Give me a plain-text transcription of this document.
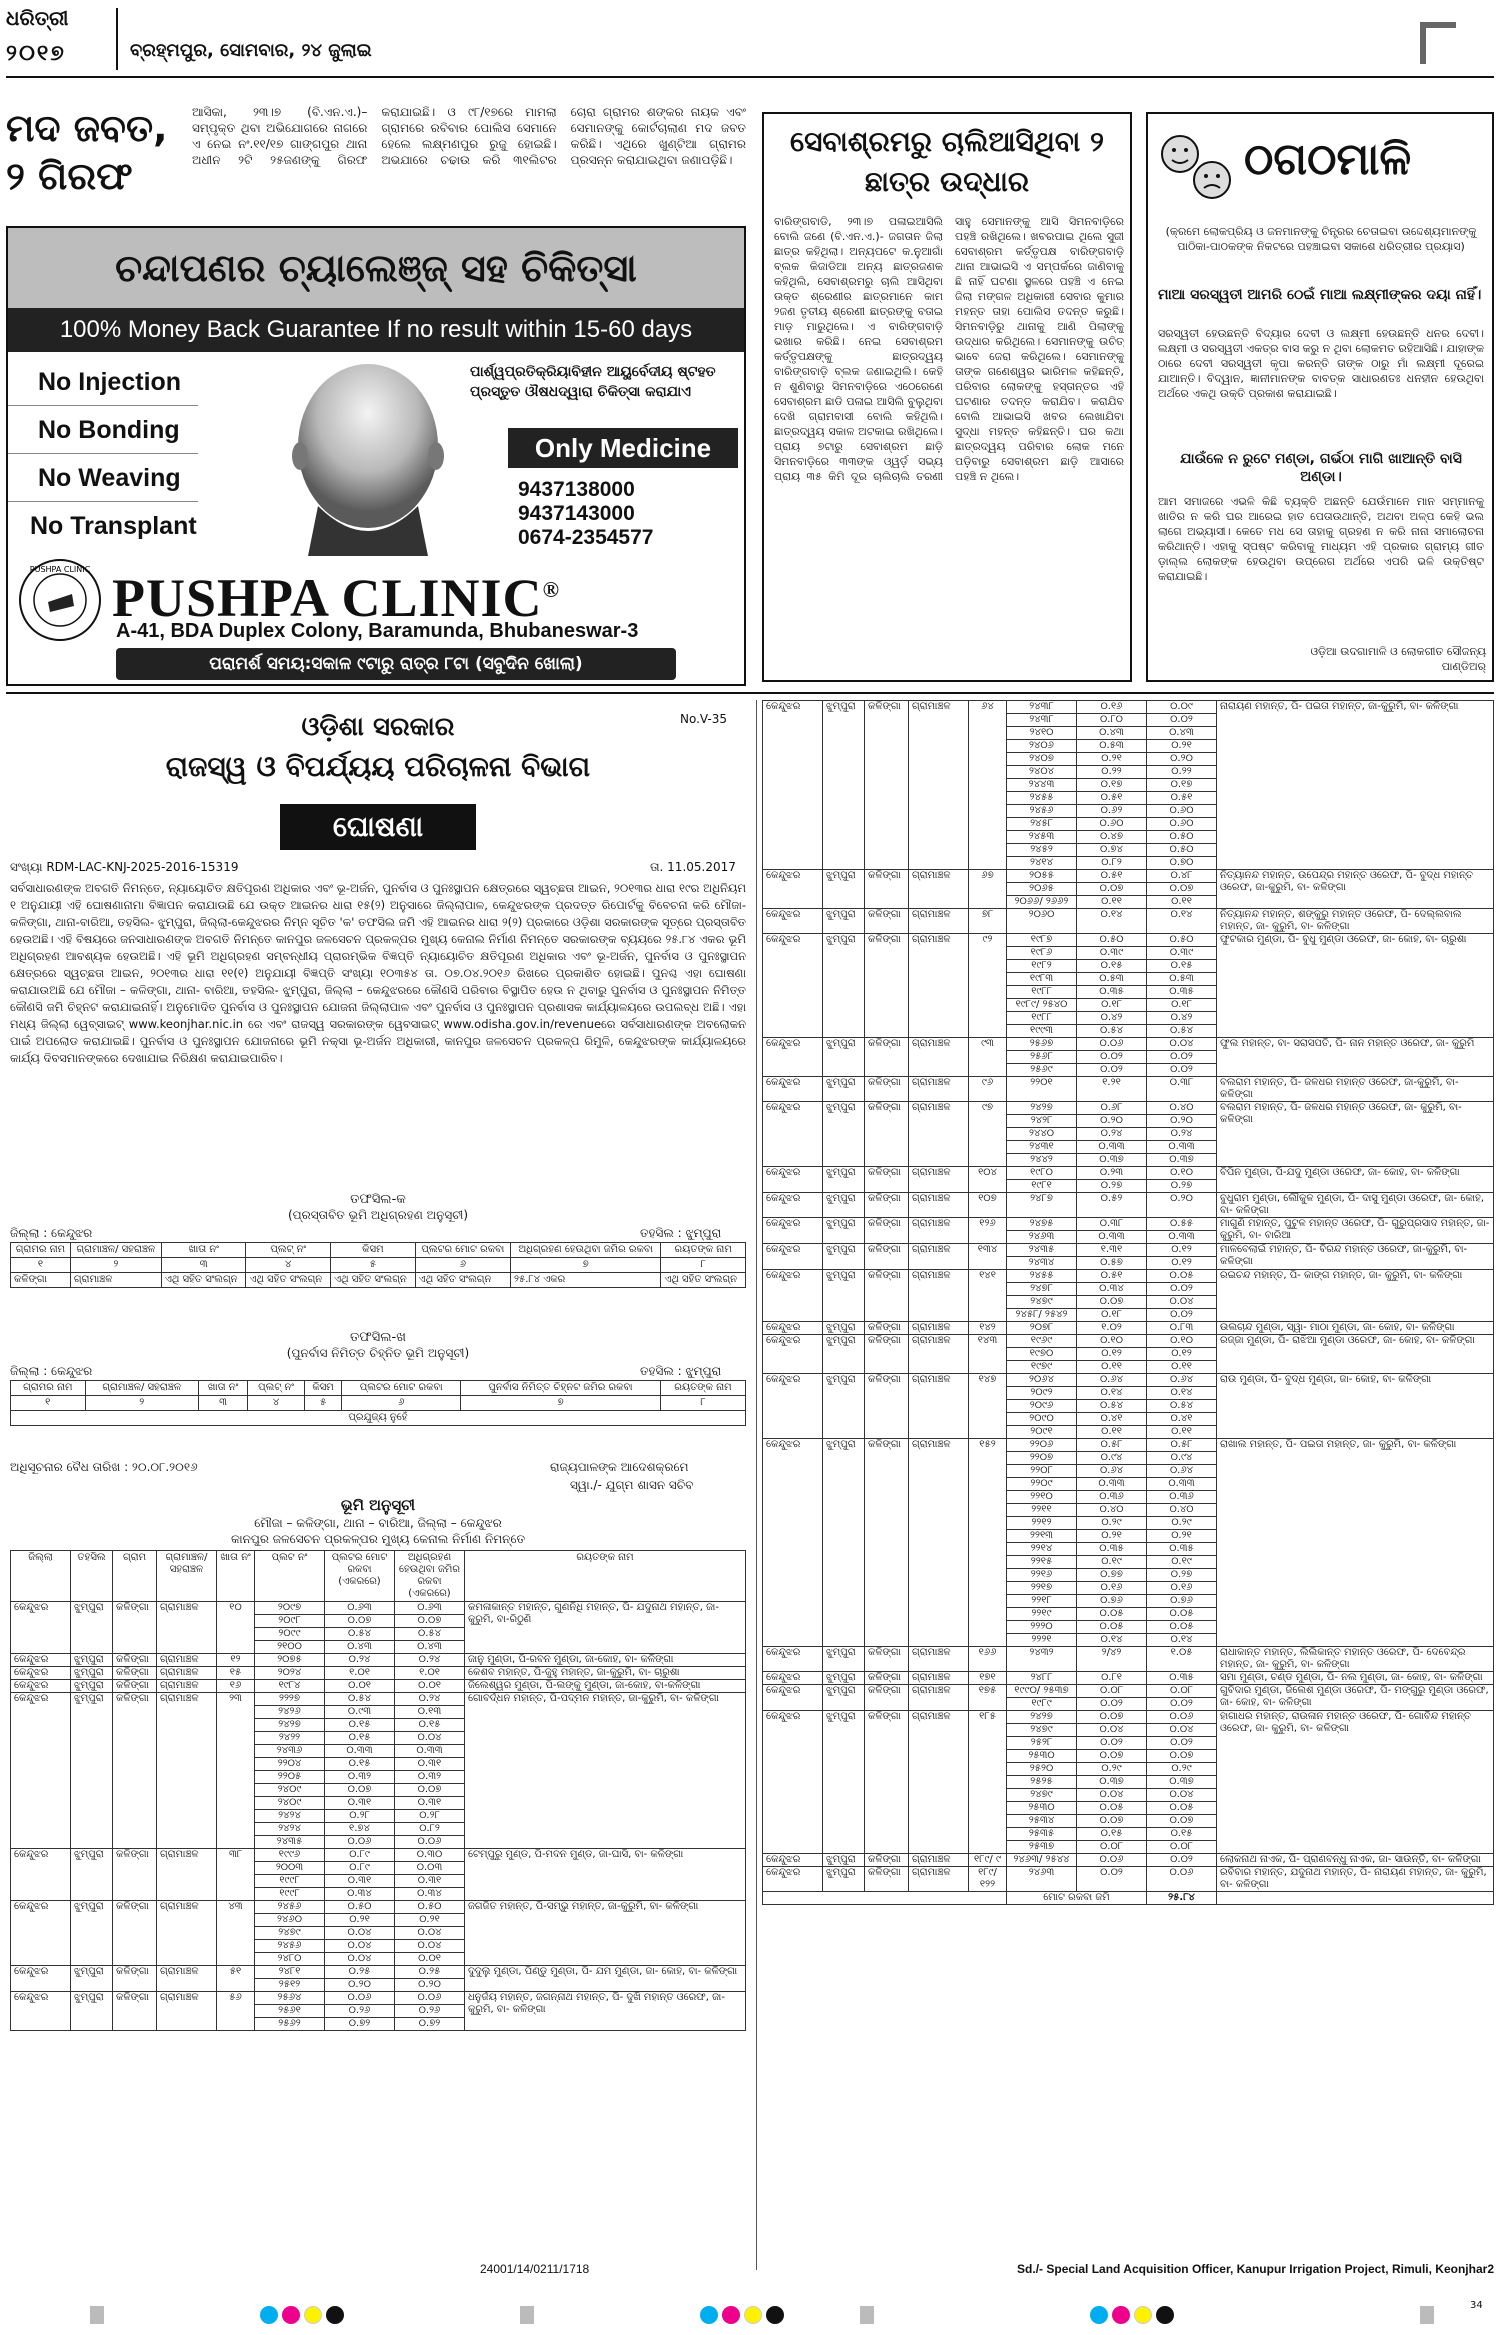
ଧରିତ୍ରୀ
୨୦୧୭	ବ୍ରହ୍ମପୁର, ସୋମବାର, ୨୪ ଜୁଲାଇ
ମଦ ଜବତ, ୨ ଗିରଫ
ଆସିକା, ୨୩।୭ (ବି.ଏନ.ଏ.)– ସମ୍ପୃକ୍ତ ଥିବା ଅଭିଯୋଗରେ ନାଗରେ ଏ ନେଇ ନଂ.୧୧/୧୭ ଗାଙ୍ଗପୁର ଥାନା ଅଧୀନ ୨ଟି ୨୫ଜଣଙ୍କୁ ଗିରଫ କରାଯାଇଛି। ଓ ୯୮/୧୭ରେ ମାମଲା ଗ୍ରାମରେ ରବିବାର ପୋଲିସ ସେମାନେ ହେଲେ ଲକ୍ଷ୍ମଣପୁର ରୁଜୁ ହୋଇଛି। ଅଭଯାରେ ଚଢାଉ କରି ୩୧ଲିଟର ଚୋରା ଗ୍ରାମର ଶଙ୍କର ନାୟକ ଏବଂ ସେମାନଙ୍କୁ କୋର୍ଟଚାଲାଣ ମଦ ଜବତ କରିଛି। ଏଥିରେ ଖୁଣ୍ଟିଆ ଗ୍ରାମର ପ୍ରସନ୍ନ କରାଯାଇଥିବା ଜଣାପଡ଼ିଛି।
ଚନ୍ଦାପଣର ଚ୍ୟାଲେଞ୍ଜ୍ ସହ ଚିକିତ୍ସା
100% Money Back Guarantee If no result within 15-60 days
No Injection
No Bonding
No Weaving
No Transplant
ପାର୍ଶ୍ୱପ୍ରତିକ୍ରିୟାବିହୀନ ଆୟୁର୍ବେଦୀୟ ଷ୍ଟହତ ପ୍ରସ୍ତୁତ ଔଷଧଦ୍ୱାରା ଚିକିତ୍ସା କରାଯାଏ
Only Medicine
9437138000
9437143000
0674-2354577
PUSHPA CLINIC PUSHPA CLINIC®
A-41, BDA Duplex Colony, Baramunda, Bhubaneswar-3
ପରାମର୍ଶ ସମୟ:ସକାଳ ୯ଟାରୁ ରାତ୍ର ୮ଟା (ସବୁଦିନ ଖୋଲା)
ସେବାଶ୍ରମରୁ ଚାଲିଆସିଥିବା ୨ ଛାତ୍ର ଉଦ୍ଧାର
ବାରିଙ୍ଗବାଡି, ୨୩।୭ ପଳାଇଆସିଲି ବୋଲି ଜଣେ (ବି.ଏନ.ଏ.)- ଜଗତାନ ଜିଲା ଛାତ୍ର କହିଥିଲା। ଅନ୍ୟପଟେ କ.ନୁଆଗାଁ ବ୍ଲକ କିଜାଡିଆ ଅନ୍ୟ ଛାତ୍ରଜଣକ କହିଥିଲି, ସେବାଶ୍ରମରୁ ଚାଲି ଆସିଥିବା ଉକ୍ତ ଶ୍ରେଣୀର ଛାତ୍ରମାନେ କାମ ୨ଜଣ ତୃତୀୟ ଶ୍ରେଣୀ ଛାତ୍ରଙ୍କୁ ବତାଇ ମାଡ଼ ମାରୁଥିଲେ। ଏ ବାରିଙ୍ଗବାଡ଼ି ଭଖାର କରିଛି। ନେଇ ସେବାଶ୍ରମ କର୍ତ୍ତୃପକ୍ଷଙ୍କୁ ଛାତ୍ରଦ୍ୱୟ ବାରିଙ୍ଗବାଡ଼ି ବ୍ଲକ ଜଣାଇଥିଲି। କେହି ନ ଶୁଣିବାରୁ ସିମନବାଡ଼ିରେ ଏଠେରେଣେ ସେବାଶ୍ରମ ଛାଡି ପଳାଇ ଆସିଲି ବୁଲୁଥିବା ଦେଖି ଗ୍ରାମବାସୀ ବୋଲି କହିଥିଲି। ଛାତ୍ରଦ୍ୱୟ ସକାଳ ଅଟକାଇ ରଖିଥିଲେ। ପ୍ରାୟ ୭ଟାରୁ ସେବାଶ୍ରମ ଛାଡ଼ି ସିମନବାଡ଼ିରେ ୩୩ଙ୍କ ଓ୍ୱର୍ଡ଼ ସଭ୍ୟ ପ୍ରାୟ ୩୫ କିମି ଦୂର ଚାଲିଚାଲି ତରଣୀ ସାହୁ ସେମାନଙ୍କୁ ଆସି ସିମନବାଡ଼ିରେ ପହଞ୍ଚି ରଖିଥିଲେ। ଖବରପାଇ ଥିଲେ ସୁଜୀ ସେବାଶ୍ରମ କର୍ତ୍ତୃପକ୍ଷ ବାରିଙ୍ଗବାଡ଼ି ଥାନା ଆଭାଇସି ଏ ସମ୍ପର୍କରେ ଜାଣିବାକୁ ଛି ନାହିଁ ଘଟଣା ସ୍ଥଳରେ ପହଞ୍ଚି ଏ ନେଇ ଜିଲା ମଙ୍ଗଳ ଅଧିକାରୀ ସେବାର କୁମାର ମହନ୍ତ ତାହା ପୋଲିସ ତଦନ୍ତ କରୁଛି। ସିମନବାଡ଼ିରୁ ଥାନାକୁ ଆଣି ପିଲାଙ୍କୁ ଉଦ୍ଧାର କରିଥିଲେ। ସେମାନଙ୍କୁ ଉଚିତ୍ ଭାବେ ଜେରା କରିଥିଲେ। ସେମାନଙ୍କୁ ତାଙ୍କ ଗଣେଶ୍ୱର ଭାରିମଳ କହିଛନ୍ତି, ପରିବାର ଲୋକଙ୍କୁ ହସ୍ତାନ୍ତର ଏହି ଘଟଣାର ତଦନ୍ତ କରାଯିବ। କରାଯିବ ବୋଲି ଆଭାଇସି ଖବର ଲେଖାଯିବା ସୁଦ୍ଧା ମହନ୍ତ କହିଛନ୍ତି। ଘର କଥା ଛାତ୍ରଦ୍ୱୟ ପରିବାର ଲୋକ ମନେ ପଡ଼ିବାରୁ ସେବାଶ୍ରମ ଛାଡ଼ି ଆସାରେ ପହଞ୍ଚି ନ ଥିଲେ।
ଠଗଠମାଳି
(କ୍ରମେ ଲୋକପ୍ରିୟ ଓ ଜନମାନଙ୍କୁ ଚିନ୍ତ୍ରର ଚେତାଇବା ଉଦ୍ଦେଶ୍ୟମାନଙ୍କୁ ପାଠିକା-ପାଠକଙ୍କ ନିକଟରେ ପହଞ୍ଚାଇବା ସକାଶେ ଧରିତ୍ରୀର ପ୍ରୟାସ)
ମାଆ ସରସ୍ୱତୀ ଆମରି ଠେଇଁ ମାଆ ଲକ୍ଷ୍ମୀଙ୍କର ଦୟା ନାହିଁ।
ସରସ୍ୱତୀ ହେଉଛନ୍ତି ବିଦ୍ୟାର ଦେବୀ ଓ ଲକ୍ଷ୍ମୀ ହେଉଛନ୍ତି ଧନର ଦେବୀ। ଲକ୍ଷ୍ମୀ ଓ ସରସ୍ୱତୀ ଏକତ୍ର ବାସ କରୁ ନ ଥିବା ଲୋକମତ ରହିଆସିଛି। ଯାହାଙ୍କ ଠାରେ ଦେବୀ ସରସ୍ୱତୀ କୃପା କରନ୍ତି ତାଙ୍କ ଠାରୁ ମାଁ ଲକ୍ଷ୍ମୀ ଦୂରେଇ ଯାଆନ୍ତି। ବିଦ୍ୱାନ, ଜ୍ଞାନୀମାନଙ୍କ ବାବତ୍କ ସାଧାରଣତଃ ଧନହୀନ ହେଉଥିବା ଅର୍ଥରେ ଏକଥି ଉକ୍ତି ପ୍ରକାଶ କରାଯାଇଛି।
ଯାଉଁଳେ ନ ରୁଟେ ମଣ୍ଡା, ଗର୍ଭଠା ମାଗି ଖାଆନ୍ତି ବାସି ଅଣ୍ଡା।
ଆମ ସମାଜରେ ଏଭଳି କିଛି ବ୍ୟକ୍ତି ଅଛନ୍ତି ଯେଉଁମାନେ ମାନ ସମ୍ମାନକୁ ଖାତିର ନ କରି ଘର ଆରେଇ ହାତ ପେତାଉଥାନ୍ତି, ଅଥବା ଅଳ୍ପ କେହି ଭଲ ଲାଗେ ଅଭ୍ୟାସୀ। କେତେ ମଧ ସେ ତାହାକୁ ଗ୍ରହଣ ନ କରି ନାନା ସମାଲୋଚନା କରିଥାନ୍ତି। ଏହାକୁ ସ୍ପଷ୍ଟ କରିବାକୁ ମାଧ୍ୟମ ଏହି ପ୍ରକାର ଗ୍ରାମ୍ୟ ଗୀତ ଡ଼ାଲ୍ଲ ଲୋକଙ୍କ ହେଉଥିବା ଉପ୍ରେଗ ଅର୍ଥରେ ଏପରି ଭଳି ଉକ୍ତିଷ୍ଟ କରାଯାଇଛି।
ଓଡ଼ିଆ ଉଦଗାମାଳି ଓ ଲୋକଗୀତ ସୌଜନ୍ୟ ପାଣ୍ଡିଅର୍
No.V-35
ଓଡ଼ିଶା ସରକାର
ରାଜସ୍ୱ ଓ ବିପର୍ଯ୍ୟୟ ପରିଚାଳନା ବିଭାଗ
ଘୋଷଣା
ସଂଖ୍ୟା RDM-LAC-KNJ-2025-2016-15319	ତା. 11.05.2017
ସର୍ବସାଧାରଣଙ୍କ ଅବଗତି ନିମନ୍ତେ, ନ୍ୟାୟୋଚିତ କ୍ଷତିପୂରଣ ଅଧିକାର ଏବଂ ଭୂ-ଅର୍ଜନ, ପୁନର୍ବାସ ଓ ପୁନଃସ୍ଥାପନ କ୍ଷେତ୍ରରେ ସ୍ୱଚ୍ଛତା ଆଇନ, ୨୦୧୩ର ଧାରା ୧୯ର ଅଧିନିୟମ ୧ ଅନୁଯାୟୀ ଏହି ଘୋଷଣାନାମା ବିଜ୍ଞାପନ କରାଯାଉଛି ଯେ ଉକ୍ତ ଆଇନର ଧାରା ୧୫(୨) ଅନୁସାରେ ଜିଲ୍ଲାପାଳ, କେନ୍ଦୁଝରଙ୍କ ପ୍ରଦତ୍ତ ରିପୋର୍ଟକୁ ବିବେଚନା କରି ମୌଜା-କଳିଙ୍ଗା, ଥାନା-ବାରିଆ, ତହସିଲ- ଝୁମ୍ପୁରା, ଜିଲ୍ଲା-କେନ୍ଦୁଝରର ନିମ୍ନ ସୂଚିତ 'କ' ତଫସିଲ ଜମି ଏହି ଆଇନର ଧାରା ୨(୨) ପ୍ରକାରେ ଓଡ଼ିଶା ସରକାରଙ୍କ ସୂତ୍ରେ ପ୍ରସ୍ତାବିତ ହେଉଅଛି। ଏହି ବିଷୟରେ ଜନସାଧାରଣଙ୍କ ଅବଗତି ନିମନ୍ତେ କାନପୁର ଜଳସେଚନ ପ୍ରକଳ୍ପର ମୁଖ୍ୟ କେନାଲ ନିର୍ମାଣ ନିମନ୍ତେ ସରକାରଙ୍କ ବ୍ୟୟରେ ୨୫.୮୪ ଏକର ଭୂମି ଅଧିଗ୍ରହଣ ଆବଶ୍ୟକ ହେଉଅଛି। ଏହି ଭୂମି ଅଧିଗ୍ରହଣ ସମ୍ବନ୍ଧୀୟ ପ୍ରାରମ୍ଭିକ ବିଜ୍ଞପ୍ତି ନ୍ୟାୟୋଚିତ କ୍ଷତିପୂରଣ ଅଧିକାର ଏବଂ ଭୂ-ଅର୍ଜନ, ପୁନର୍ବାସ ଓ ପୁନଃସ୍ଥାପନ କ୍ଷେତ୍ରରେ ସ୍ୱଚ୍ଛତା ଆଇନ, ୨୦୧୩ର ଧାରା ୧୧(୧) ଅନୁଯାୟୀ ବିଜ୍ଞପ୍ତି ସଂଖ୍ୟା ୧୦୩୫୪ ତା. ୦୭.୦୪.୨୦୧୬ ରିଖରେ ପ୍ରକାଶିତ ହୋଇଛି। ପୁନଶ୍ଚ ଏହା ଘୋଷଣା କରାଯାଉଅଛି ଯେ ମୌଜା – କଳିଙ୍ଗା, ଥାନା- ବାରିଆ, ତହସିଲ- ଝୁମ୍ପୁରା, ଜିଲ୍ଲା – କେନ୍ଦୁଝରରେ କୌଣସି ପରିବାର ବିସ୍ଥାପିତ ହେଉ ନ ଥିବାରୁ ପୁନର୍ବାସ ଓ ପୁନଃସ୍ଥାପନ ନିମିତ୍ତ କୌଣସି ଜମି ଚିହ୍ନଟ କରାଯାଇନାହିଁ। ଅନୁମୋଦିତ ପୁନର୍ବାସ ଓ ପୁନଃସ୍ଥାପନ ଯୋଜନା ଜିଲ୍ଲାପାଳ ଏବଂ ପୁନର୍ବାସ ଓ ପୁନଃସ୍ଥାପନ ପ୍ରଶାସକ କାର୍ଯ୍ୟାଳୟରେ ଉପଲବ୍ଧ ଅଛି। ଏହା ମଧ୍ୟ ଜିଲ୍ଲା ୱେବ୍‌ସାଇଟ୍ www.keonjhar.nic.in ରେ ଏବଂ ରାଜସ୍ୱ ସରକାରଙ୍କ ୱେବସାଇଟ୍ www.odisha.gov.in/revenueରେ ସର୍ବସାଧାରଣଙ୍କ ଅବଲୋକନ ପାଇଁ ଅପଲୋଡ କରାଯାଇଛି। ପୁନର୍ବାସ ଓ ପୁନଃସ୍ଥାପନ ଯୋଜନାରେ ଭୂମି ନକ୍ସା ଭୂ-ଅର୍ଜନ ଅଧିକାରୀ, କାନପୁର ଜଳସେଚନ ପ୍ରକଳ୍ପ ରିମୁଳି, କେନ୍ଦୁଝରଙ୍କ କାର୍ଯ୍ୟାଳୟରେ କାର୍ଯ୍ୟ ଦିବସମାନଙ୍କରେ ଦେଖାଯାଇ ନିରିକ୍ଷଣ କରାଯାଇପାରିବ।
ତଫସିଲ-କ
(ପ୍ରସ୍ତାବିତ ଭୂମି ଅଧିଗ୍ରହଣ ଅନୁସୂଚୀ)
ଜିଲ୍ଲା : କେନ୍ଦୁଝର	ତହସିଲ : ଝୁମ୍ପୁରା
ଗ୍ରାମର ନାମ	ଗ୍ରାମାଞ୍ଚଳ/ ସହରାଞ୍ଚଳ	ଖାତା ନଂ	ପ୍ଲଟ୍ ନଂ	କିସମ	ପ୍ଲଟର ମୋଟ ରକବା	ଅଧିଗ୍ରହଣ ହେଉଥିବା ଜମିର ରକବା	ରୟତଙ୍କ ନାମ
୧	୨	୩	୪	୫	୬	୭	୮
କଳିଙ୍ଗା	ଗ୍ରାମାଞ୍ଚଳ	ଏଥି ସହିତ ସଂଲଗ୍ନ	ଏଥି ସହିତ ସଂଲଗ୍ନ	ଏଥି ସହିତ ସଂଲଗ୍ନ	ଏଥି ସହିତ ସଂଲଗ୍ନ	୨୫.୮୪ ଏକର	ଏଥି ସହିତ ସଂଲଗ୍ନ
ତଫସିଲ-ଖ
(ପୁନର୍ବାସ ନିମିତ୍ତ ଚିହ୍ନିତ ଭୂମି ଅନୁସୂଚୀ)
ଜିଲ୍ଲା : କେନ୍ଦୁଝର	ତହସିଲ : ଝୁମ୍ପୁରା
ଗ୍ରାମର ନାମ	ଗ୍ରାମାଞ୍ଚଳ/ ସହରାଞ୍ଚଳ	ଖାତା ନଂ	ପ୍ଲଟ୍ ନଂ	କିସମ	ପ୍ଲଟର ମୋଟ ରକବା	ପୁନର୍ବାସ ନିମିତ୍ତ ଚିହ୍ନଟ ଜମିର ରକବା	ରୟତଙ୍କ ନାମ
୧	୨	୩	୪	୫	୬	୭	୮
ପ୍ରଯୁଜ୍ୟ ନୁହେଁ							
ଅଧିସୂଚନାର ବୈଧ ତାରିଖ : ୨୦.୦୮.୨୦୧୬	ରାଜ୍ୟପାଳଙ୍କ ଆଦେଶକ୍ରମେ
ସ୍ୱା./- ଯୁଗ୍ମ ଶାସନ ସଚିବ
ଭୂମି ଅନୁସୂଚୀ
ମୌଜା – କଳିଙ୍ଗା, ଥାନା – ବାରିଆ, ଜିଲ୍ଲା – କେନ୍ଦୁଝର
କାନପୁର ଜଳସେଚନ ପ୍ରକଳ୍ପର ମୁଖ୍ୟ କେନାଲ ନିର୍ମାଣ ନିମନ୍ତେ
ଜିଲ୍ଲା	ତହସିଲ	ଗ୍ରାମ	ଗ୍ରାମାଞ୍ଚଳ/ ସହରାଞ୍ଚଳ	ଖାତା ନଂ	ପ୍ଲଟ ନଂ	ପ୍ଲଟର ମୋଟ ରକବା (ଏକରରେ)	ଅଧିଗ୍ରହଣ ହେଉଥିବା ଜମିର ରକବା (ଏକରରେ)	ରୟତଙ୍କ ନାମ
କେନ୍ଦୁଝର	ଝୁମ୍ପୁରା	କଳିଙ୍ଗା	ଗ୍ରାମାଞ୍ଚଳ	୧୦	୨୦୯୭	୦.୬୩	୦.୬୩	କମଳାକାନ୍ତ ମହାନ୍ତ, ଗୁଣନିଧି ମହାନ୍ତ, ପି- ଯଦୁନାଥ ମହାନ୍ତ, ଜା-କୁରୁମି, ବା-ରିଠୁଣି
					୨୦୯୮	୦.୦୭	୦.୦୭	
					୨୦୯୯	୦.୫୪	୦.୫୪	
					୨୧୦୦	୦.୪୩	୦.୪୩	
କେନ୍ଦୁଝର	ଝୁମ୍ପୁରା	କଳିଙ୍ଗା	ଗ୍ରାମାଞ୍ଚଳ	୧୨	୨୦୭୫	୦.୨୪	୦.୨୪	ଜାନୁ ମୁଣ୍ଡା, ପି-ରବନ ମୁଣ୍ଡା, ଜା-କୋହ, ବା- କଳିଙ୍ଗା
କେନ୍ଦୁଝର	ଝୁମ୍ପୁରା	କଳିଙ୍ଗା	ଗ୍ରାମାଞ୍ଚଳ	୧୫	୨୦୨୪	୧.୦୧	୧.୦୧	କେଶବ ମହାନ୍ତ, ପି-ଜୁହୁ ମହାନ୍ତ, ଜା-କୁରୁମି, ବା- ଚାରୁଶା
କେନ୍ଦୁଝର	ଝୁମ୍ପୁରା	କଳିଙ୍ଗା	ଗ୍ରାମାଞ୍ଚଳ	୧୬	୧୯୮୪	୦.୦୧	୦.୦୧	ଜିଲେଶ୍ୱର ମୁଣ୍ଡା, ପି-ଲଙ୍କୁ ମୁଣ୍ଡା, ଜା-କୋହ, ବା-କଳିଙ୍ଗା
କେନ୍ଦୁଝର	ଝୁମ୍ପୁରା	କଳିଙ୍ଗା	ଗ୍ରାମାଞ୍ଚଳ	୨୩	୨୨୨୭	୦.୫୪	୦.୨୪	ଗୋବର୍ଦ୍ଧନ ମହାନ୍ତ, ପି-ପଦ୍ମନ ମହାନ୍ତ, ଜା-କୁରୁମି, ବା- କଳିଙ୍ଗା
					୨୪୨୬	୦.୯୩	୦.୧୩	
					୨୪୨୭	୦.୧୫	୦.୧୫	
					୨୪୨୨	୦.୧୫	୦.୦୪	
					୨୪୩୬	୦.୩୩	୦.୩୩	
					୨୨୦୪	୦.୧୫	୦.୩୧	
					୨୨୦୫	୦.୩୨	୦.୩୨	
					୨୪୦୯	୦.୦୭	୦.୦୭	
					୨୪୦୯	୦.୩୧	୦.୩୧	
					୨୪୨୪	୦.୨୮	୦.୨୮	
					୨୪୨୪	୧.୭୪	୦.୮୨	
					୨୪୩୫	୦.୦୬	୦.୦୬	
କେନ୍ଦୁଝର	ଝୁମ୍ପୁରା	କଳିଙ୍ଗା	ଗ୍ରାମାଞ୍ଚଳ	୩୮	୧୯୯୬	୦.୮୯	୦.୩୦	ଟେମ୍ପୁରୁ ମୁଣ୍ଡ, ପି-ମଦନ ମୁଣ୍ଡ, ଜା-ଘାସି, ବା- କଳିଙ୍ଗା
					୨୦୦୩	୦.୮୯	୦.୦୩	
					୧୯୯୮	୦.୩୧	୦.୩୧	
					୧୯୯୮	୦.୩୪	୦.୩୪	
କେନ୍ଦୁଝର	ଝୁମ୍ପୁରା	କଳିଙ୍ଗା	ଗ୍ରାମାଞ୍ଚଳ	୪୩	୨୪୫୬	୦.୫୦	୦.୫୦	ଜଗଜିତ ମହାନ୍ତ, ପି-ସମ୍ଭୁ ମହାନ୍ତ, ଜା-କୁରୁମି, ବା- କଳିଙ୍ଗା
					୨୪୬୦	୦.୨୧	୦.୨୧	
					୨୪୭୯	୦.୦୪	୦.୦୪	
					୨୪୫୬	୦.୦୪	୦.୦୪	
					୨୪୮୦	୦.୦୪	୦.୦୧	
କେନ୍ଦୁଝର	ଝୁମ୍ପୁରା	କଳିଙ୍ଗା	ଗ୍ରାମାଞ୍ଚଳ	୫୧	୨୪୮୧	୦.୨୫	୦.୨୫	ଦୁଦୁଲୁ ମୁଣ୍ଡା, ପିଣ୍ଡୁ ମୁଣ୍ଡା, ପି- ଯମ ମୁଣ୍ଡା, ଜା- କୋହ, ବା- କଳିଙ୍ଗା
					୨୫୧୨	୦.୨୦	୦.୨୦	
କେନ୍ଦୁଝର	ଝୁମ୍ପୁରା	କଳିଙ୍ଗା	ଗ୍ରାମାଞ୍ଚଳ	୫୬	୨୫୬୪	୦.୦୬	୦.୦୬	ଧନୁର୍ଜୟ ମହାନ୍ତ, ଜଗନ୍ନାଥ ମହାନ୍ତ, ପି- ଦୁଖି ମହାନ୍ତ ଓରେଫ, ଜା- କୁରୁମି, ବା- କଳିଙ୍ଗା
					୨୫୬୧	୦.୨୬	୦.୨୬	
					୨୫୬୨	୦.୭୨	୦.୭୨	
24001/14/0211/1718
କେନ୍ଦୁଝର	ଝୁମ୍ପୁରା	କଳିଙ୍ଗା	ଗ୍ରାମାଞ୍ଚଳ	୬୪	୨୪୩୮	୦.୧୬	୦.୦୯	ନାରାୟଣ ମହାନ୍ତ, ପି- ପଇତା ମହାନ୍ତ, ଜା-କୁରୁମି, ବା- କଳିଙ୍ଗା
					୨୪୩୮	୦.୮୦	୦.୦୨	
					୨୪୧୦	୦.୪୩	୦.୪୩	
					୨୪୦୬	୦.୫୩	୦.୨୧	
					୨୪୦୭	୦.୨୧	୦.୨୦	
					୨୪୦୪	୦.୨୨	୦.୨୨	
					୨୪୪୩	୦.୧୭	୦.୧୭	
					୨୪୫୫	୦.୫୧	୦.୫୧	
					୨୪୫୬	୦.୬୨	୦.୬୦	
					୨୪୫୮	୦.୬୦	୦.୬୦	
					୨୪୫୩	୦.୪୭	୦.୫୦	
					୨୪୫୨	୦.୭୪	୦.୫୦	
					୨୪୧୪	୦.୮୨	୦.୭୦	
କେନ୍ଦୁଝର	ଝୁମ୍ପୁରା	କଳିଙ୍ଗା	ଗ୍ରାମାଞ୍ଚଳ	୬୭	୨୦୫୫	୦.୫୧	୦.୪୮	ନିତ୍ୟାନନ୍ଦ ମହାନ୍ତ, ଉପେନ୍ଦ୍ର ମହାନ୍ତ ଓରେଫ, ପି- ବୁଦ୍ଧ ମହାନ୍ତ ଓରେଫ, ଜା-କୁରୁମି, ବା- କଳିଙ୍ଗା
					୨୦୬୫	୦.୦୭	୦.୦୭	
					୨୦୬୬/ ୨୬୬୨	୦.୧୧	୦.୧୧	
କେନ୍ଦୁଝର	ଝୁମ୍ପୁରା	କଳିଙ୍ଗା	ଗ୍ରାମାଞ୍ଚଳ	୭୮	୨୦୬୦	୦.୧୪	୦.୧୪	ନିତ୍ୟାନନ୍ଦ ମହାନ୍ତ, ଶଙ୍କୁରୁ ମହାନ୍ତ ଓରେଫ, ପି- ଦେଲ୍ଲବାଲ ମହାନ୍ତ, ଜା- କୁରୁମି, ବା- କଳିଙ୍ଗା
କେନ୍ଦୁଝର	ଝୁମ୍ପୁରା	କଳିଙ୍ଗା	ଗ୍ରାମାଞ୍ଚଳ	୯୨	୧୯୮୭	୦.୫୦	୦.୫୦	ଫୁଟକାର ମୁଣ୍ଡା, ପି- ବୁଧୁ ମୁଣ୍ଡା ଓରେଫ, ଜା- କୋହ, ବା- ଚାରୁଶା
					୧୯୮୬	୦.୩୯	୦.୩୯	
					୧୯୮୨	୦.୧୫	୦.୧୫	
					୧୯୮୩	୦.୫୩	୦.୫୩	
					୧୯୮୮	୦.୩୫	୦.୩୫	
					୧୯୮୯/ ୨୫୪୦	୦.୧୮	୦.୧୮	
					୧୯୮୮	୦.୪୨	୦.୪୨	
					୧୯୯୩	୦.୫୪	୦.୫୪	
କେନ୍ଦୁଝର	ଝୁମ୍ପୁରା	କଳିଙ୍ଗା	ଗ୍ରାମାଞ୍ଚଳ	୯୩	୨୫୬୭	୦.୦୬	୦.୦୪	ଫୁଲ ମହାନ୍ତ, ବା- ସରାସପତି, ପି- ନାନ ମହାନ୍ତ ଓରେଫ, ଜା- କୁରୁମି
					୨୫୬୮	୦.୦୨	୦.୦୨	
					୨୫୬୯	୦.୦୨	୦.୦୨	
କେନ୍ଦୁଝର	ଝୁମ୍ପୁରା	କଳିଙ୍ଗା	ଗ୍ରାମାଞ୍ଚଳ	୯୬	୨୨୦୧	୧.୨୧	୦.୩୮	ବଲରାମ ମହାନ୍ତ, ପି- ଜଳଧର ମହାନ୍ତ ଓରେଫ, ଜା-କୁରୁମି, ବା- କଳିଙ୍ଗା
କେନ୍ଦୁଝର	ଝୁମ୍ପୁରା	କଳିଙ୍ଗା	ଗ୍ରାମାଞ୍ଚଳ	୯୭	୨୪୨୭	୦.୬୮	୦.୪୦	ବଲରାମ ମହାନ୍ତ, ପି- ଜଳଧର ମହାନ୍ତ ଓରେଫ, ଜା- କୁରୁମି, ବା- କଳିଙ୍ଗା
					୨୪୨୮	୦.୨୦	୦.୨୦	
					୨୪୪୦	୦.୨୪	୦.୨୪	
					୨୪୩୧	୦.୩୩	୦.୩୩	
					୨୪୪୨	୦.୩୭	୦.୩୭	
କେନ୍ଦୁଝର	ଝୁମ୍ପୁରା	କଳିଙ୍ଗା	ଗ୍ରାମାଞ୍ଚଳ	୧୦୪	୧୯୮୦	୦.୨୩	୦.୧୦	ବିପିନ ମୁଣ୍ଡା, ପି-ଯଦୁ ମୁଣ୍ଡା ଓରେଫ, ଜା- କୋହ, ବା- କଳିଙ୍ଗା
					୧୯୮୧	୦.୨୭	୦.୨୭	
କେନ୍ଦୁଝର	ଝୁମ୍ପୁରା	କଳିଙ୍ଗା	ଗ୍ରାମାଞ୍ଚଳ	୧୦୭	୨୪୮୭	୦.୫୨	୦.୨୦	ବୁଧୁରାମ ମୁଣ୍ଡା, ଲୌକୁଳ ମୁଣ୍ଡା, ପି- ଦାସୁ ମୁଣ୍ଡା ଓରେଫ, ଜା- କୋହ, ବା- କଳିଙ୍ଗା
କେନ୍ଦୁଝର	ଝୁମ୍ପୁରା	କଳିଙ୍ଗା	ଗ୍ରାମାଞ୍ଚଳ	୧୨୬	୨୪୭୫	୦.୩୮	୦.୫୫	ମାଗୁଣି ମହାନ୍ତ, ପୁଟୁଳ ମହାନ୍ତ ଓରେଫ, ପି- ଗୁରୁପ୍ରସାଦ ମହାନ୍ତ, ଜା- କୁରୁମି, ବା- ବାରିଆ
					୨୪୬୩	୦.୩୩	୦.୩୩	
କେନ୍ଦୁଝର	ଝୁମ୍ପୁରା	କଳିଙ୍ଗା	ଗ୍ରାମାଞ୍ଚଳ	୧୩୪	୨୪୩୫	୧.୩୧	୦.୧୨	ମାଳବେଲାଇଁ ମହାନ୍ତ, ପି- ବିରନ୍ଦ ମହାନ୍ତ ଓରେଫ, ଜା-କୁରୁମି, ବା- କଳିଙ୍ଗା
					୨୪୩୪	୦.୫୭	୦.୧୨	
କେନ୍ଦୁଝର	ଝୁମ୍ପୁରା	କଳିଙ୍ଗା	ଗ୍ରାମାଞ୍ଚଳ	୧୪୧	୨୪୫୫	୦.୫୧	୦.୦୫	ରଇଚନ୍ଦ ମହାନ୍ତ, ପି- କାଙ୍ଗ ମହାନ୍ତ, ଜା- କୁରୁମି, ବା- କଳିଙ୍ଗା
					୨୪୭୮	୦.୩୪	୦.୦୨	
					୨୪୭୯	୦.୦୭	୦.୦୪	
					୨୪୫୮/ ୨୫୪୨	୦.୧୮	୦.୦୨	
କେନ୍ଦୁଝର	ଝୁମ୍ପୁରା	କଳିଙ୍ଗା	ଗ୍ରାମାଞ୍ଚଳ	୧୪୨	୨୦୭୮	୧.୦୨	୦.୮୩	ଉଲଚାନ୍ଦ ମୁଣ୍ଡା, ସ୍ୱା- ମାଠା ମୁଣ୍ଡା, ଜା- କୋହ, ବା- କଳିଙ୍ଗା
କେନ୍ଦୁଝର	ଝୁମ୍ପୁରା	କଳିଙ୍ଗା	ଗ୍ରାମାଞ୍ଚଳ	୧୪୩	୧୯୬୯	୦.୧୦	୦.୧୦	ରଜ୍ଜା ମୁଣ୍ଡା, ପି- ରାଝିଆ ମୁଣ୍ଡା ଓରେଫ, ଜା- କୋହ, ବା- କଳିଙ୍ଗା
					୧୯୭୦	୦.୧୨	୦.୧୨	
					୧୯୭୯	୦.୧୧	୦.୧୧	
କେନ୍ଦୁଝର	ଝୁମ୍ପୁରା	କଳିଙ୍ଗା	ଗ୍ରାମାଞ୍ଚଳ	୧୪୭	୨୦୬୪	୦.୬୪	୦.୬୪	ରାଉ ମୁଣ୍ଡା, ପି- ବୁଦ୍ଧ ମୁଣ୍ଡା, ଜା- କୋହ, ବା- କଳିଙ୍ଗା
					୨୦୯୨	୦.୧୪	୦.୧୪	
					୨୦୯୬	୦.୫୪	୦.୫୪	
					୨୦୯୦	୦.୪୧	୦.୪୧	
					୨୦୯୧	୦.୧୧	୦.୧୧	
କେନ୍ଦୁଝର	ଝୁମ୍ପୁରା	କଳିଙ୍ଗା	ଗ୍ରାମାଞ୍ଚଳ	୧୫୨	୨୨୦୬	୦.୫୮	୦.୫୮	ରାଖାଲ ମହାନ୍ତ, ପି- ପଇତା ମହାନ୍ତ, ଜା- କୁରୁମି, ବା- କଳିଙ୍ଗା
					୨୨୦୭	୦.୯୪	୦.୯୪	
					୨୨୦୮	୦.୬୪	୦.୬୪	
					୨୨୦୯	୦.୩୩	୦.୩୩	
					୨୨୧୦	୦.୩୬	୦.୩୬	
					୨୨୧୧	୦.୪୦	୦.୪୦	
					୨୨୧୨	୦.୨୯	୦.୨୯	
					୨୨୧୩	୦.୨୧	୦.୨୧	
					୨୨୧୪	୦.୩୫	୦.୩୫	
					୨୨୧୫	୦.୧୯	୦.୧୯	
					୨୨୧୬	୦.୭୭	୦.୨୭	
					୨୨୧୭	୦.୧୬	୦.୧୬	
					୨୨୧୮	୦.୭୬	୦.୭୬	
					୨୨୧୯	୦.୦୫	୦.୦୫	
					୨୨୨୦	୦.୦୫	୦.୦୫	
					୨୨୨୧	୦.୧୪	୦.୧୪	
କେନ୍ଦୁଝର	ଝୁମ୍ପୁରା	କଳିଙ୍ଗା	ଗ୍ରାମାଞ୍ଚଳ	୧୬୬	୨୪୩୨	୨/୪୨	୧.୦୫	ରାଧାକାନ୍ତ ମହାନ୍ତ, ଲିଲିକାନ୍ତ ମହାନ୍ତ ଓରେଫ, ପି- ଦେବେନ୍ଦ୍ର ମହାନ୍ତ, ଜା- କୁରୁମି, ବା- କଳିଙ୍ଗା
କେନ୍ଦୁଝର	ଝୁମ୍ପୁରା	କଳିଙ୍ଗା	ଗ୍ରାମାଞ୍ଚଳ	୧୭୧	୨୪୮୮	୦.୮୧	୦.୩୫	ସମା ମୁଣ୍ଡା, ଚଣ୍ଡ ମୁଣ୍ଡା, ପି- ନଲ ମୁଣ୍ଡା, ଜା- କୋହ, ବା- କଳିଙ୍ଗା
କେନ୍ଦୁଝର	ଝୁମ୍ପୁରା	କଳିଙ୍ଗା	ଗ୍ରାମାଞ୍ଚଳ	୧୭୫	୧୯୯୦/ ୨୫୩୭	୦.୦୮	୦.୦୮	ଗୁବିଦାର ମୁଣ୍ଡା, ଜିଲେଶ ମୁଣ୍ଡା ଓରେଫ, ପି- ମଙ୍ଗୁରୁ ମୁଣ୍ଡା ଓରେଫ, ଜା- କୋହ, ବା- କଳିଙ୍ଗା
					୧୯୮୯	୦.୦୨	୦.୦୨	
କେନ୍ଦୁଝର	ଝୁମ୍ପୁରା	କଳିଙ୍ଗା	ଗ୍ରାମାଞ୍ଚଳ	୧୮୫	୨୪୨୭	୦.୦୭	୦.୦୬	ହାଗାଧର ମହାନ୍ତ, ରାଉଳାନ ମହାନ୍ତ ଓରେଫ, ପି- ଗୋବିନ୍ଦ ମହାନ୍ତ ଓରେଫ, ଜା- କୁରୁମି, ବା- କଳିଙ୍ଗା
					୨୪୭୯	୦.୦୪	୦.୦୪	
					୨୫୨୮	୦.୦୨	୦.୦୨	
					୨୫୩୦	୦.୦୭	୦.୦୭	
					୨୫୨୦	୦.୨୯	୦.୨୯	
					୨୫୨୫	୦.୩୭	୦.୩୭	
					୨୪୭୯	୦.୦୪	୦.୦୪	
					୨୫୩୦	୦.୦୫	୦.୦୫	
					୨୫୩୪	୦.୦୭	୦.୦୭	
					୨୫୩୫	୦.୧୫	୦.୧୫	
					୨୫୩୭	୦.୦୮	୦.୦୮	
କେନ୍ଦୁଝର	ଝୁମ୍ପୁରା	କଳିଙ୍ଗା	ଗ୍ରାମାଞ୍ଚଳ	୧୮୯/ ୯	୨୪୬୩/ ୨୫୪୪	୦.୦୬	୦.୦୨	ଲୋକନାଥ ନାଏକ, ପି- ପ୍ରାଣବନ୍ଧୁ ନାଏକ, ଜା- ସାଉନ୍ତି, ବା- କଳିଙ୍ଗା
କେନ୍ଦୁଝର	ଝୁମ୍ପୁରା	କଳିଙ୍ଗା	ଗ୍ରାମାଞ୍ଚଳ	୧୮୯/ ୧୨୨	୨୪୬୩	୦.୦୨	୦.୦୬	ରବିବାର ମହାନ୍ତ, ଯଦୁନାଥ ମହାନ୍ତ, ପି- ନାରାୟଣ ମହାନ୍ତ, ଜା- କୁରୁମି, ବା- କଳିଙ୍ଗା
					ମୋଟ ରକବା ଜମି		୨୫.୮୪	
Sd./- Special Land Acquisition Officer, Kanupur Irrigation Project, Rimuli, Keonjhar2
34
